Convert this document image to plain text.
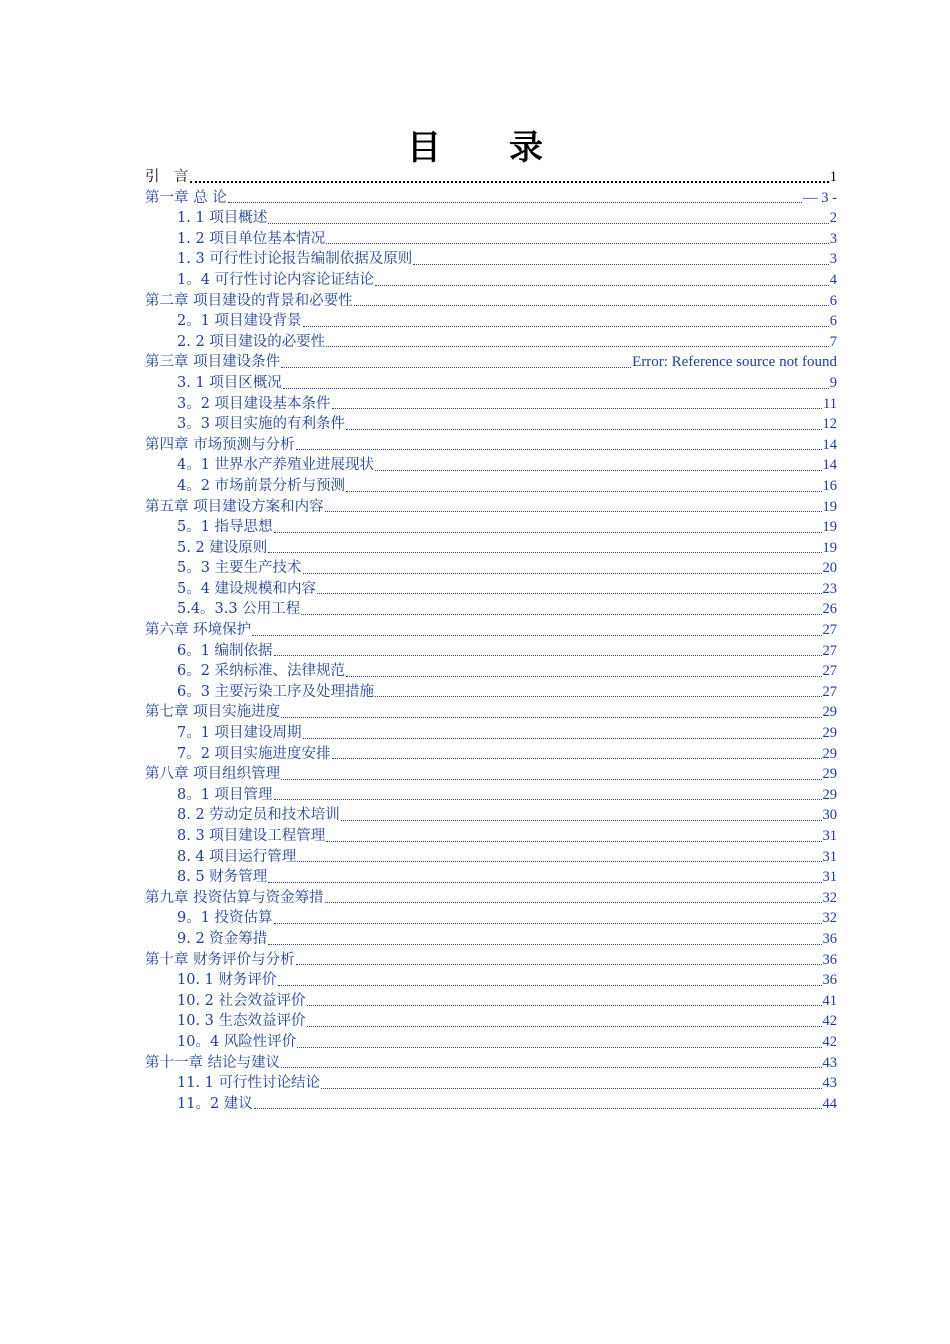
目　　录
引　言	1
第一章 总 论	— 3 -
1. 1 项目概述	2
1. 2 项目单位基本情况	3
1. 3 可行性讨论报告编制依据及原则	3
1。4 可行性讨论内容论证结论	4
第二章 项目建设的背景和必要性	6
2。1 项目建设背景	6
2. 2 项目建设的必要性	7
第三章 项目建设条件	Error: Reference source not found
3. 1 项目区概况	9
3。2 项目建设基本条件	11
3。3 项目实施的有利条件	12
第四章 市场预测与分析	14
4。1 世界水产养殖业进展现状	14
4。2 市场前景分析与预测	16
第五章 项目建设方案和内容	19
5。1 指导思想	19
5. 2 建设原则	19
5。3 主要生产技术	20
5。4 建设规模和内容	23
5.4。3.3 公用工程	26
第六章 环境保护	27
6。1 编制依据	27
6。2 采纳标准、法律规范	27
6。3 主要污染工序及处理措施	27
第七章 项目实施进度	29
7。1 项目建设周期	29
7。2 项目实施进度安排	29
第八章 项目组织管理	29
8。1 项目管理	29
8. 2 劳动定员和技术培训	30
8. 3 项目建设工程管理	31
8. 4 项目运行管理	31
8. 5 财务管理	31
第九章 投资估算与资金筹措	32
9。1 投资估算	32
9. 2 资金筹措	36
第十章 财务评价与分析	36
10. 1 财务评价	36
10. 2 社会效益评价	41
10. 3 生态效益评价	42
10。4 风险性评价	42
第十一章 结论与建议	43
11. 1 可行性讨论结论	43
11。2 建议	44
